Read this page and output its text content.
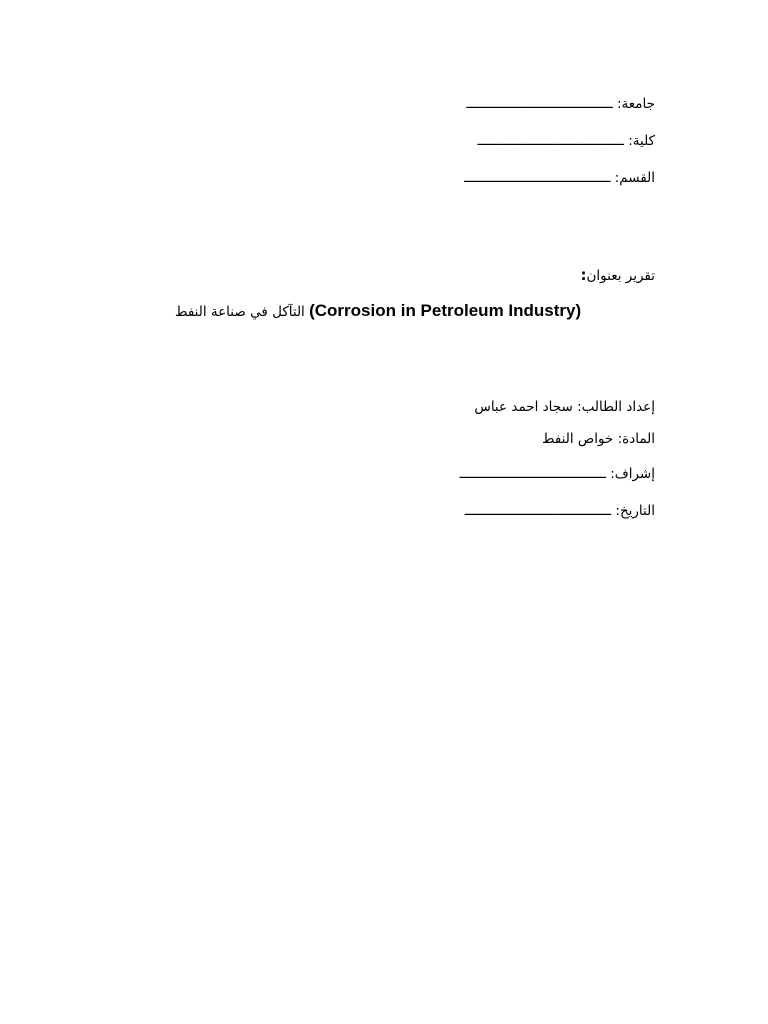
جامعة: ـــــــــــــــــــــــــــــــــــــ
كلية: ـــــــــــــــــــــــــــــــــــــ
القسم: ـــــــــــــــــــــــــــــــــــــ
تقرير بعنوان:
التآكل في صناعة النفط (Corrosion in Petroleum Industry)
إعداد الطالب: سجاد احمد عباس
المادة: خواص النفط
إشراف: ـــــــــــــــــــــــــــــــــــــ
التاريخ: ـــــــــــــــــــــــــــــــــــــ
